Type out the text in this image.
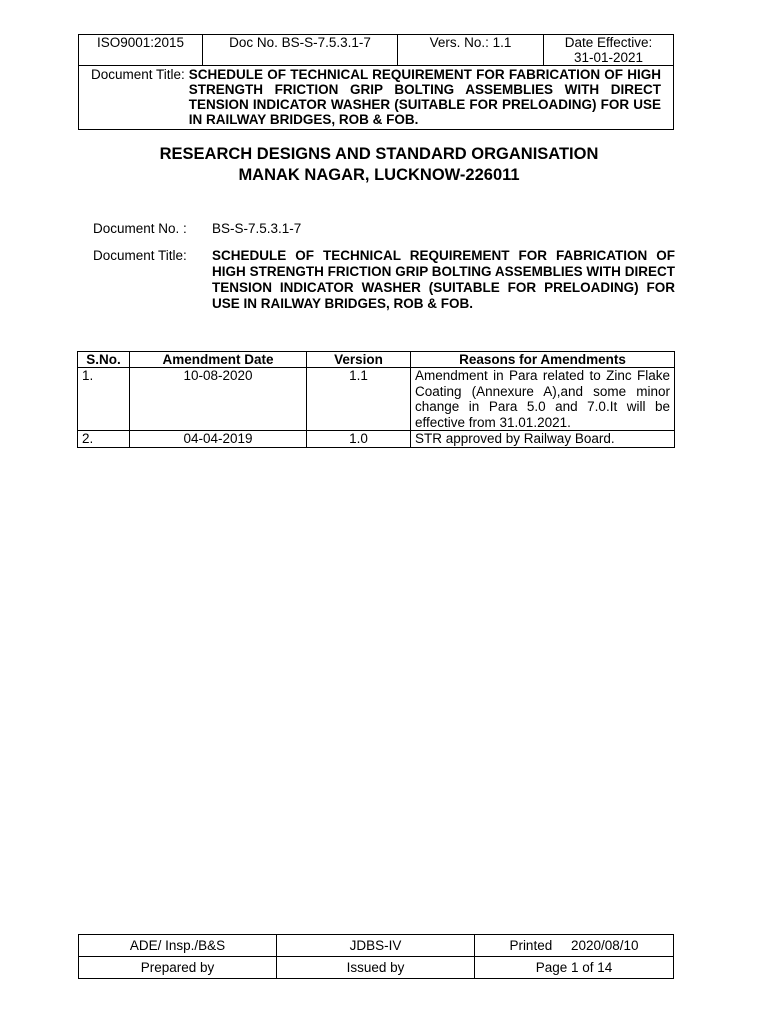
ISO9001:2015	Doc No. BS-S-7.5.3.1-7	Vers. No.: 1.1	Date Effective:
31-01-2021

Document Title: SCHEDULE OF TECHNICAL REQUIREMENT FOR FABRICATION OF HIGH STRENGTH FRICTION GRIP BOLTING ASSEMBLIES WITH DIRECT TENSION INDICATOR WASHER (SUITABLE FOR PRELOADING) FOR USE IN RAILWAY BRIDGES, ROB & FOB.
RESEARCH DESIGNS AND STANDARD ORGANISATION
MANAK NAGAR, LUCKNOW-226011
Document No. :	BS-S-7.5.3.1-7
Document Title:	SCHEDULE OF TECHNICAL REQUIREMENT FOR FABRICATION OF HIGH STRENGTH FRICTION GRIP BOLTING ASSEMBLIES WITH DIRECT TENSION INDICATOR WASHER (SUITABLE FOR PRELOADING) FOR USE IN RAILWAY BRIDGES, ROB & FOB.
S.No.	Amendment Date	Version	Reasons for Amendments
1.	10-08-2020	1.1	Amendment in Para related to Zinc Flake Coating (Annexure A),and some minor change in Para 5.0 and 7.0.It will be effective from 31.01.2021.
2.	04-04-2019	1.0	STR approved by Railway Board.
ADE/ Insp./B&S	JDBS-IV	Printed 2020/08/10
Prepared by	Issued by	Page 1 of 14
